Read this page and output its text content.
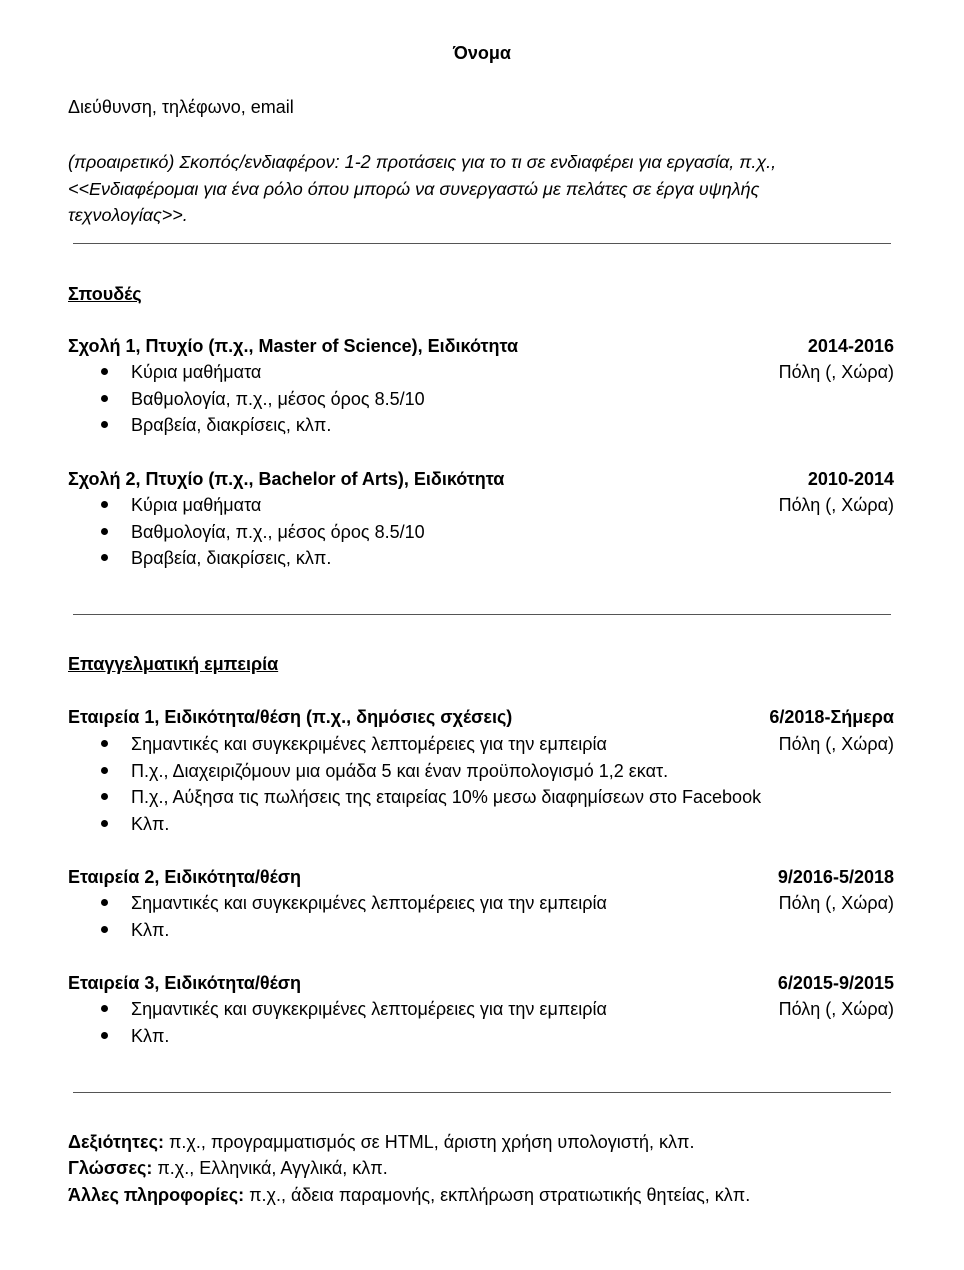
Όνομα
Διεύθυνση, τηλέφωνο, email
(προαιρετικό) Σκοπός/ενδιαφέρον: 1-2 προτάσεις για το τι σε ενδιαφέρει για εργασία, π.χ., <<Ενδιαφέρομαι για ένα ρόλο όπου μπορώ να συνεργαστώ με πελάτες σε έργα υψηλής τεχνολογίας>>.
Σπουδές
Σχολή 1, Πτυχίο (π.χ., Master of Science), Ειδικότητα	2014-2016
Πόλη (, Χώρα)
Κύρια μαθήματα
Βαθμολογία, π.χ., μέσος όρος 8.5/10
Βραβεία, διακρίσεις, κλπ.
Σχολή 2, Πτυχίο (π.χ., Bachelor of Arts), Ειδικότητα	2010-2014
Πόλη (, Χώρα)
Κύρια μαθήματα
Βαθμολογία, π.χ., μέσος όρος 8.5/10
Βραβεία, διακρίσεις, κλπ.
Επαγγελματική εμπειρία
Εταιρεία 1, Ειδικότητα/θέση (π.χ., δημόσιες σχέσεις)	6/2018-Σήμερα
Πόλη (, Χώρα)
Σημαντικές και συγκεκριμένες λεπτομέρειες για την εμπειρία
Π.χ., Διαχειριζόμουν μια ομάδα 5 και έναν προϋπολογισμό 1,2 εκατ.
Π.χ., Αύξησα τις πωλήσεις της εταιρείας 10% μεσω διαφημίσεων στο Facebook
Κλπ.
Εταιρεία 2, Ειδικότητα/θέση	9/2016-5/2018
Πόλη (, Χώρα)
Σημαντικές και συγκεκριμένες λεπτομέρειες για την εμπειρία
Κλπ.
Εταιρεία 3, Ειδικότητα/θέση	6/2015-9/2015
Πόλη (, Χώρα)
Σημαντικές και συγκεκριμένες λεπτομέρειες για την εμπειρία
Κλπ.
Δεξιότητες: π.χ., προγραμματισμός σε HTML, άριστη χρήση υπολογιστή, κλπ.
Γλώσσες: π.χ., Ελληνικά, Αγγλικά, κλπ.
Άλλες πληροφορίες: π.χ., άδεια παραμονής, εκπλήρωση στρατιωτικής θητείας, κλπ.
